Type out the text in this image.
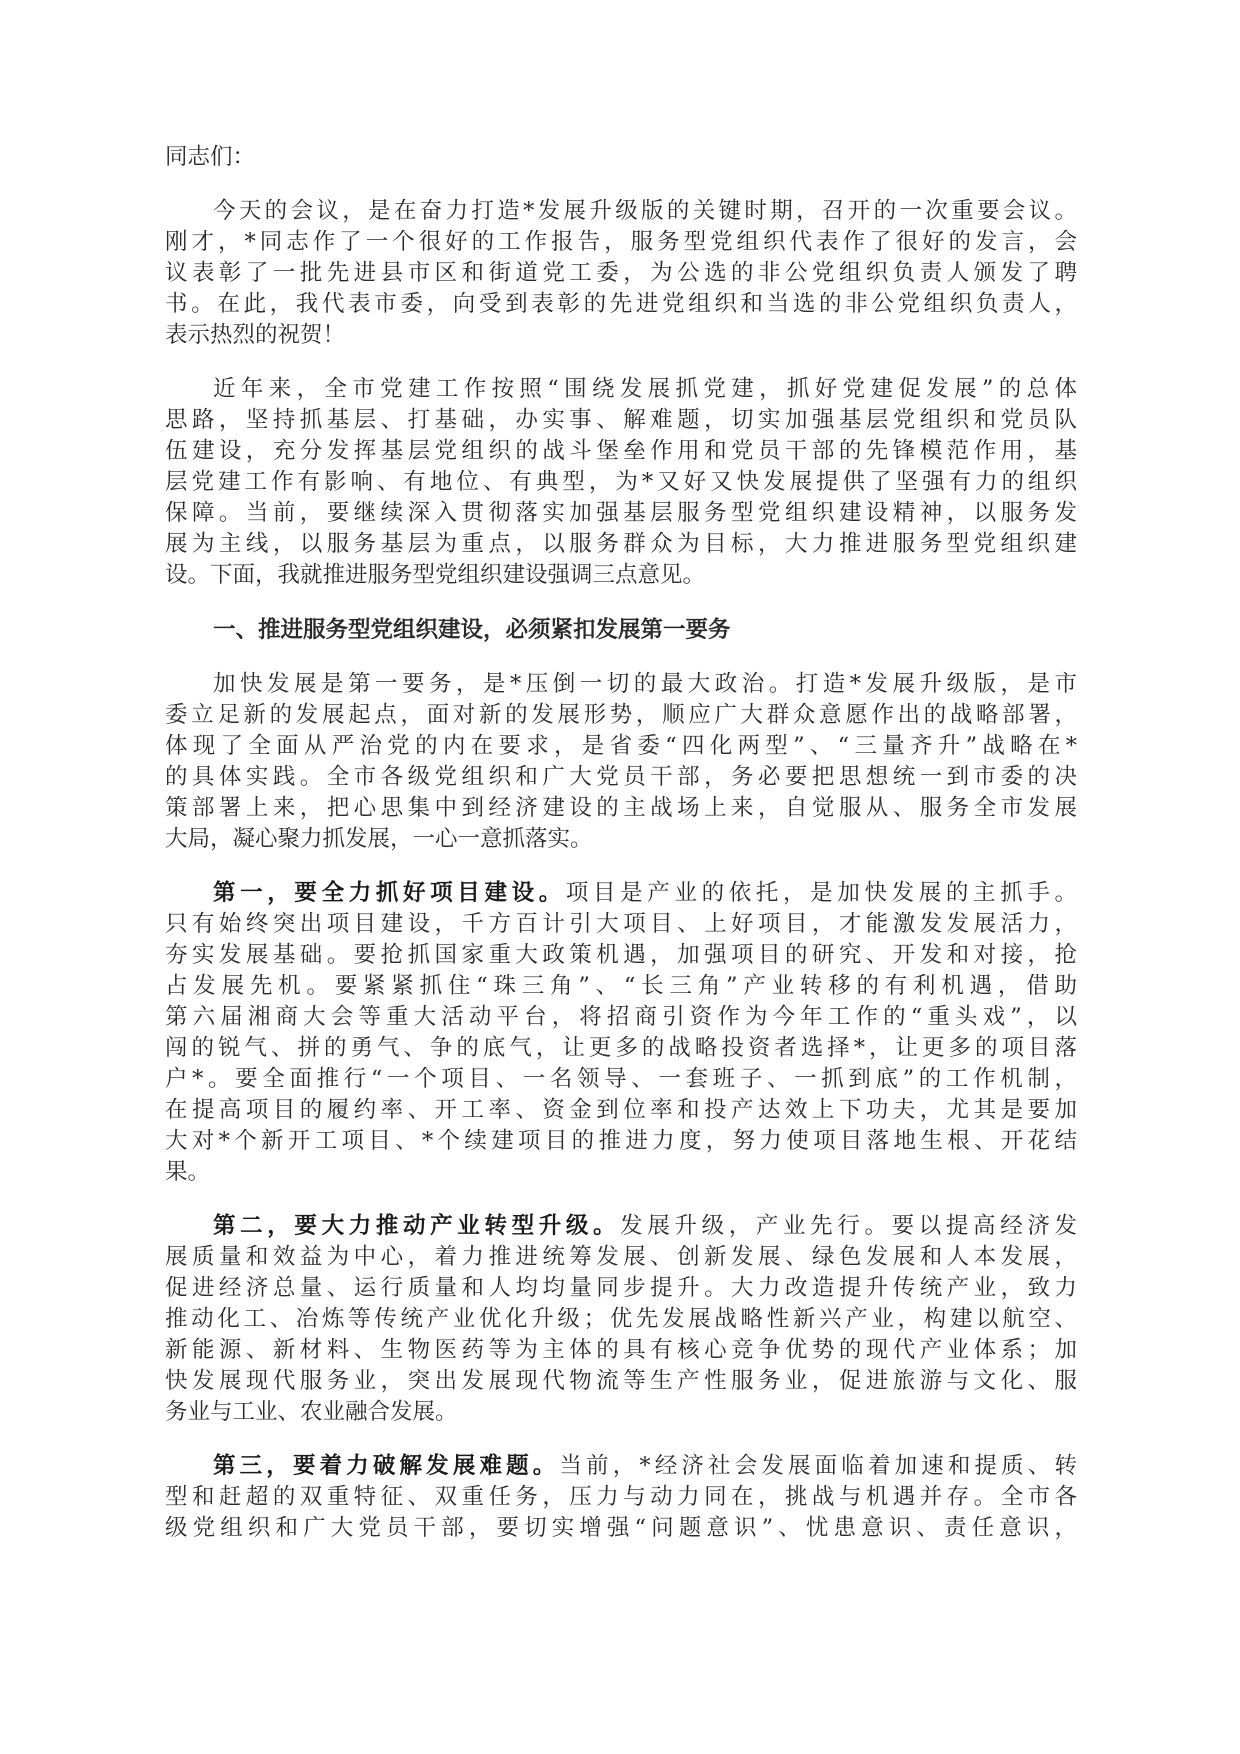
同志们：
今天的会议，是在奋力打造*发展升级版的关键时期，召开的一次重要会议。
刚才，*同志作了一个很好的工作报告，服务型党组织代表作了很好的发言，会
议表彰了一批先进县市区和街道党工委，为公选的非公党组织负责人颁发了聘
书。在此，我代表市委，向受到表彰的先进党组织和当选的非公党组织负责人，
表示热烈的祝贺！
近年来，全市党建工作按照“围绕发展抓党建，抓好党建促发展”的总体
思路，坚持抓基层、打基础，办实事、解难题，切实加强基层党组织和党员队
伍建设，充分发挥基层党组织的战斗堡垒作用和党员干部的先锋模范作用，基
层党建工作有影响、有地位、有典型，为*又好又快发展提供了坚强有力的组织
保障。当前，要继续深入贯彻落实加强基层服务型党组织建设精神，以服务发
展为主线，以服务基层为重点，以服务群众为目标，大力推进服务型党组织建
设。下面，我就推进服务型党组织建设强调三点意见。
一、推进服务型党组织建设，必须紧扣发展第一要务
加快发展是第一要务，是*压倒一切的最大政治。打造*发展升级版，是市
委立足新的发展起点，面对新的发展形势，顺应广大群众意愿作出的战略部署，
体现了全面从严治党的内在要求，是省委“四化两型”、“三量齐升”战略在*
的具体实践。全市各级党组织和广大党员干部，务必要把思想统一到市委的决
策部署上来，把心思集中到经济建设的主战场上来，自觉服从、服务全市发展
大局，凝心聚力抓发展，一心一意抓落实。
第一，要全力抓好项目建设。项目是产业的依托，是加快发展的主抓手。
只有始终突出项目建设，千方百计引大项目、上好项目，才能激发发展活力，
夯实发展基础。要抢抓国家重大政策机遇，加强项目的研究、开发和对接，抢
占发展先机。要紧紧抓住“珠三角”、“长三角”产业转移的有利机遇，借助
第六届湘商大会等重大活动平台，将招商引资作为今年工作的“重头戏”，以
闯的锐气、拼的勇气、争的底气，让更多的战略投资者选择*，让更多的项目落
户*。要全面推行“一个项目、一名领导、一套班子、一抓到底”的工作机制，
在提高项目的履约率、开工率、资金到位率和投产达效上下功夫，尤其是要加
大对*个新开工项目、*个续建项目的推进力度，努力使项目落地生根、开花结
果。
第二，要大力推动产业转型升级。发展升级，产业先行。要以提高经济发
展质量和效益为中心，着力推进统筹发展、创新发展、绿色发展和人本发展，
促进经济总量、运行质量和人均均量同步提升。大力改造提升传统产业，致力
推动化工、冶炼等传统产业优化升级；优先发展战略性新兴产业，构建以航空、
新能源、新材料、生物医药等为主体的具有核心竞争优势的现代产业体系；加
快发展现代服务业，突出发展现代物流等生产性服务业，促进旅游与文化、服
务业与工业、农业融合发展。
第三，要着力破解发展难题。当前，*经济社会发展面临着加速和提质、转
型和赶超的双重特征、双重任务，压力与动力同在，挑战与机遇并存。全市各
级党组织和广大党员干部，要切实增强“问题意识”、忧患意识、责任意识，
